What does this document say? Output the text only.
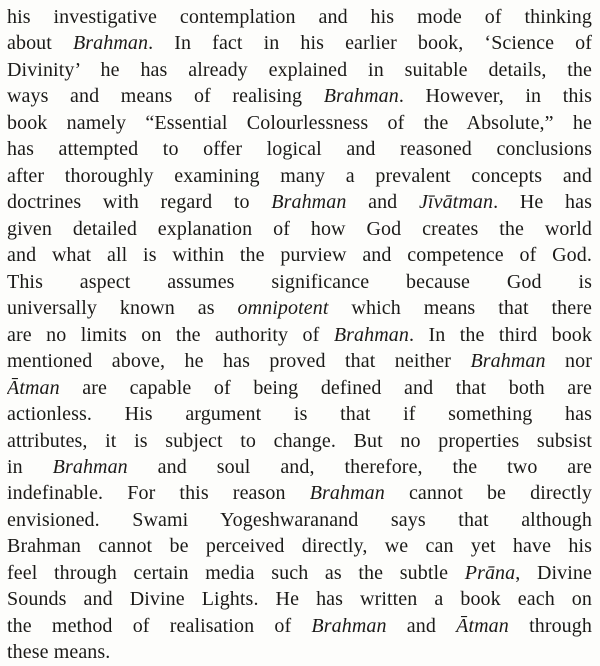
his investigative contemplation and his mode of thinking
about Brahman. In fact in his earlier book, ‘Science of
Divinity’ he has already explained in suitable details, the
ways and means of realising Brahman. However, in this
book namely “Essential Colourlessness of the Absolute,” he
has attempted to offer logical and reasoned conclusions
after thoroughly examining many a prevalent concepts and
doctrines with regard to Brahman and Jīvātman. He has
given detailed explanation of how God creates the world
and what all is within the purview and competence of God.
This aspect assumes significance because God is
universally known as omnipotent which means that there
are no limits on the authority of Brahman. In the third book
mentioned above, he has proved that neither Brahman nor
Ātman are capable of being defined and that both are
actionless. His argument is that if something has
attributes, it is subject to change. But no properties subsist
in Brahman and soul and, therefore, the two are
indefinable. For this reason Brahman cannot be directly
envisioned. Swami Yogeshwaranand says that although
Brahman cannot be perceived directly, we can yet have his
feel through certain media such as the subtle Prāna, Divine
Sounds and Divine Lights. He has written a book each on
the method of realisation of Brahman and Ātman through
these means.
